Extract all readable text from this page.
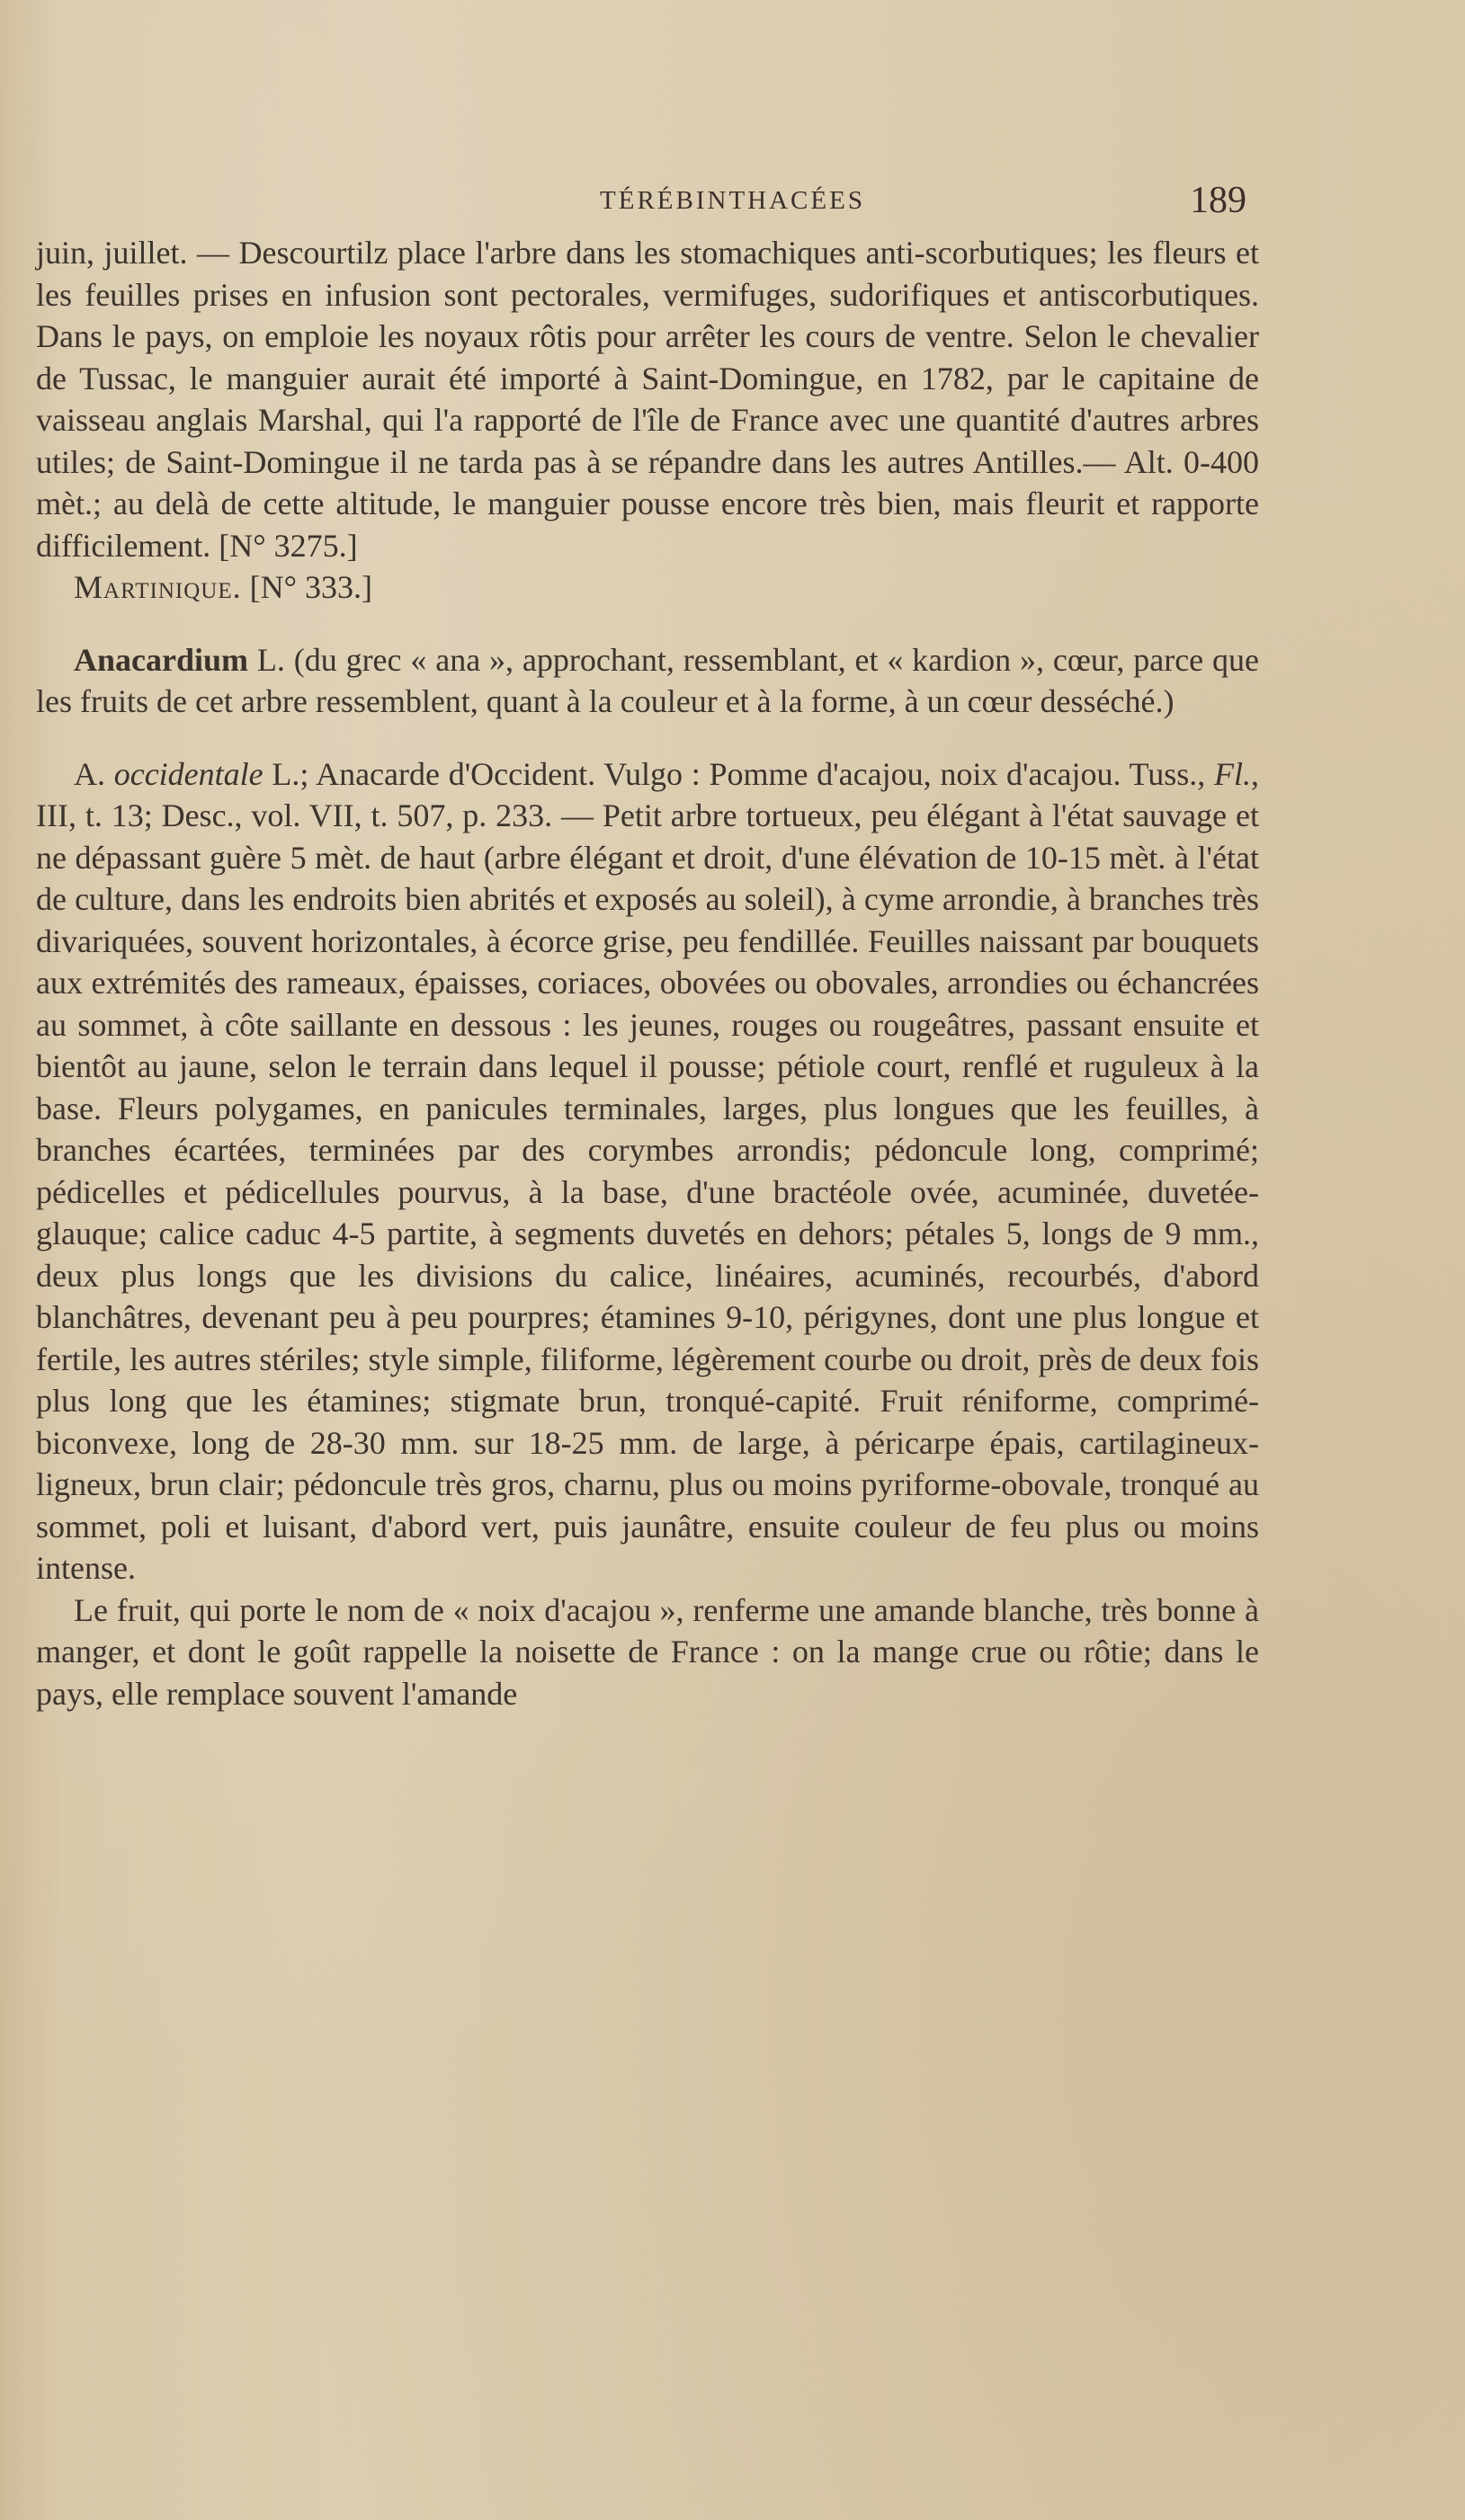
TÉRÉBINTHACÉES	189

juin, juillet. — Descourtilz place l'arbre dans les stomachiques anti-scorbutiques; les fleurs et les feuilles prises en infusion sont pectorales, vermifuges, sudorifiques et antiscorbutiques. Dans le pays, on emploie les noyaux rôtis pour arrêter les cours de ventre. Selon le chevalier de Tussac, le manguier aurait été importé à Saint-Domingue, en 1782, par le capitaine de vaisseau anglais Marshal, qui l'a rapporté de l'île de France avec une quantité d'autres arbres utiles; de Saint-Domingue il ne tarda pas à se répandre dans les autres Antilles.— Alt. 0-400 mèt.; au delà de cette altitude, le manguier pousse encore très bien, mais fleurit et rapporte difficilement. [N° 3275.]

Martinique. [N° 333.]

Anacardium L. (du grec « ana », approchant, ressemblant, et « kardion », cœur, parce que les fruits de cet arbre ressemblent, quant à la couleur et à la forme, à un cœur desséché.)

A. occidentale L.; Anacarde d'Occident. Vulgo : Pomme d'acajou, noix d'acajou. Tuss., Fl., III, t. 13; Desc., vol. VII, t. 507, p. 233. — Petit arbre tortueux, peu élégant à l'état sauvage et ne dépassant guère 5 mèt. de haut (arbre élégant et droit, d'une élévation de 10-15 mèt. à l'état de culture, dans les endroits bien abrités et exposés au soleil), à cyme arrondie, à branches très divariquées, souvent horizontales, à écorce grise, peu fendillée. Feuilles naissant par bouquets aux extrémités des rameaux, épaisses, coriaces, obovées ou obovales, arrondies ou échancrées au sommet, à côte saillante en dessous : les jeunes, rouges ou rougeâtres, passant ensuite et bientôt au jaune, selon le terrain dans lequel il pousse; pétiole court, renflé et ruguleux à la base. Fleurs polygames, en panicules terminales, larges, plus longues que les feuilles, à branches écartées, terminées par des corymbes arrondis; pédoncule long, comprimé; pédicelles et pédicellules pourvus, à la base, d'une bractéole ovée, acuminée, duvetée-glauque; calice caduc 4-5 partite, à segments duvetés en dehors; pétales 5, longs de 9 mm., deux plus longs que les divisions du calice, linéaires, acuminés, recourbés, d'abord blanchâtres, devenant peu à peu pourpres; étamines 9-10, périgynes, dont une plus longue et fertile, les autres stériles; style simple, filiforme, légèrement courbe ou droit, près de deux fois plus long que les étamines; stigmate brun, tronqué-capité. Fruit réniforme, comprimé-biconvexe, long de 28-30 mm. sur 18-25 mm. de large, à péricarpe épais, cartilagineux-ligneux, brun clair; pédoncule très gros, charnu, plus ou moins pyriforme-obovale, tronqué au sommet, poli et luisant, d'abord vert, puis jaunâtre, ensuite couleur de feu plus ou moins intense.

Le fruit, qui porte le nom de « noix d'acajou », renferme une amande blanche, très bonne à manger, et dont le goût rappelle la noisette de France : on la mange crue ou rôtie; dans le pays, elle remplace souvent l'amande
